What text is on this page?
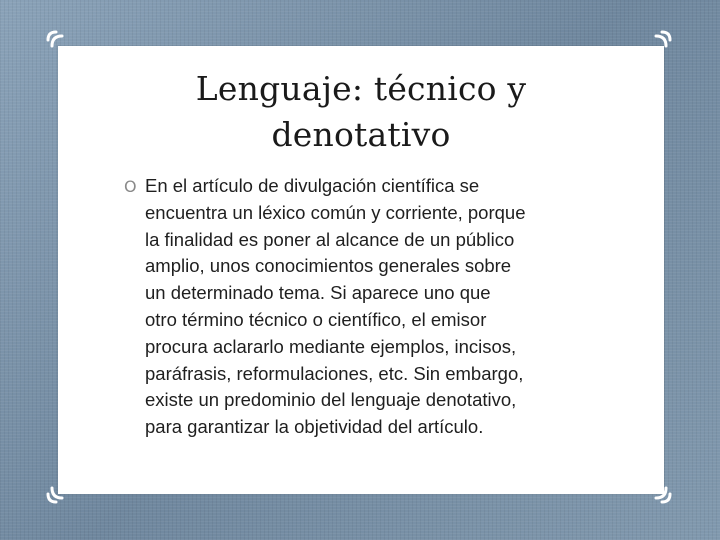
Lenguaje: técnico y
denotativo
O En el artículo de divulgación científica se
encuentra un léxico común y corriente, porque
la finalidad es poner al alcance de un público
amplio, unos conocimientos generales sobre
un determinado tema. Si aparece uno que
otro término técnico o científico, el emisor
procura aclararlo mediante ejemplos, incisos,
paráfrasis, reformulaciones, etc. Sin embargo,
existe un predominio del lenguaje denotativo,
para garantizar la objetividad del artículo.
